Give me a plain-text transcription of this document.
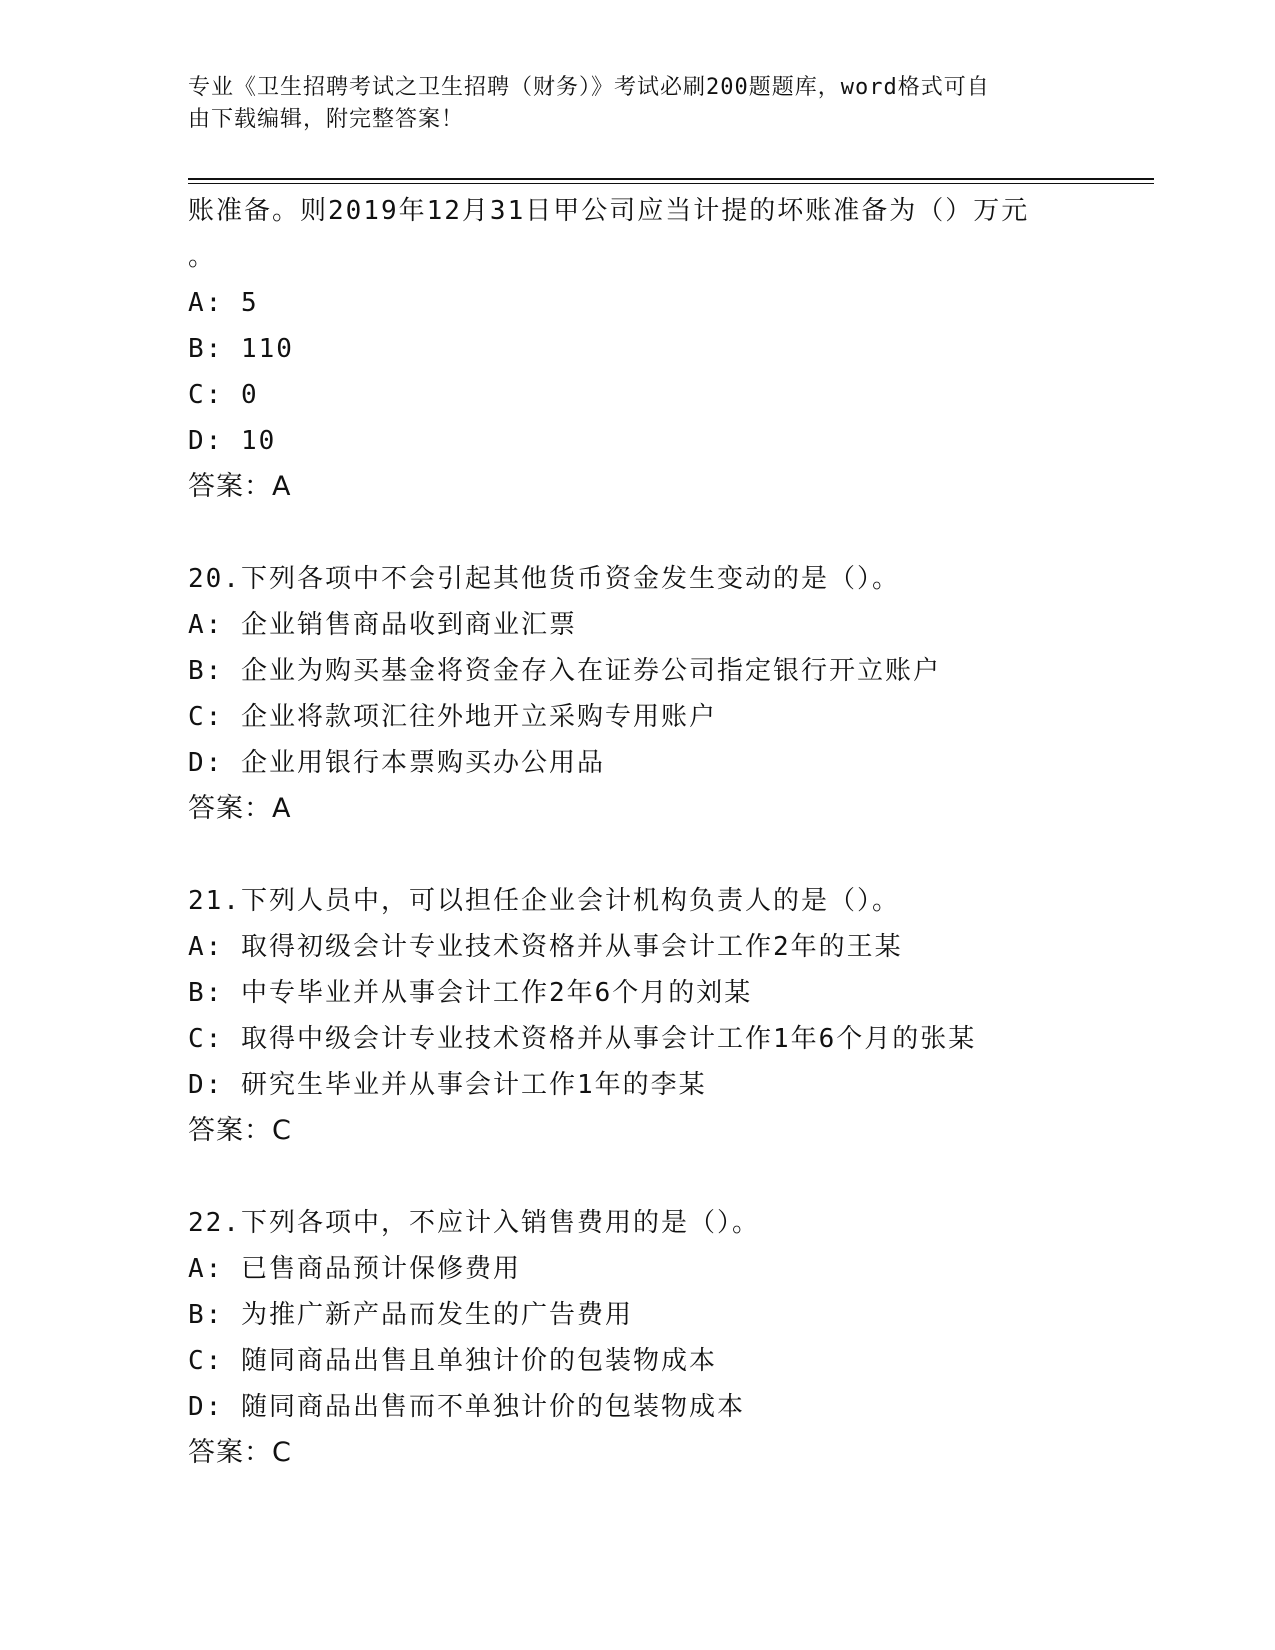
专业《卫生招聘考试之卫生招聘（财务）》考试必刷200题题库，word格式可自
由下载编辑，附完整答案！
账准备。则2019年12月31日甲公司应当计提的坏账准备为（）万元
。
A: 5
B: 110
C: 0
D: 10
答案：A
20.下列各项中不会引起其他货币资金发生变动的是（）。
A: 企业销售商品收到商业汇票
B: 企业为购买基金将资金存入在证券公司指定银行开立账户
C: 企业将款项汇往外地开立采购专用账户
D: 企业用银行本票购买办公用品
答案：A
21.下列人员中，可以担任企业会计机构负责人的是（）。
A: 取得初级会计专业技术资格并从事会计工作2年的王某
B: 中专毕业并从事会计工作2年6个月的刘某
C: 取得中级会计专业技术资格并从事会计工作1年6个月的张某
D: 研究生毕业并从事会计工作1年的李某
答案：C
22.下列各项中，不应计入销售费用的是（）。
A: 已售商品预计保修费用
B: 为推广新产品而发生的广告费用
C: 随同商品出售且单独计价的包装物成本
D: 随同商品出售而不单独计价的包装物成本
答案：C
